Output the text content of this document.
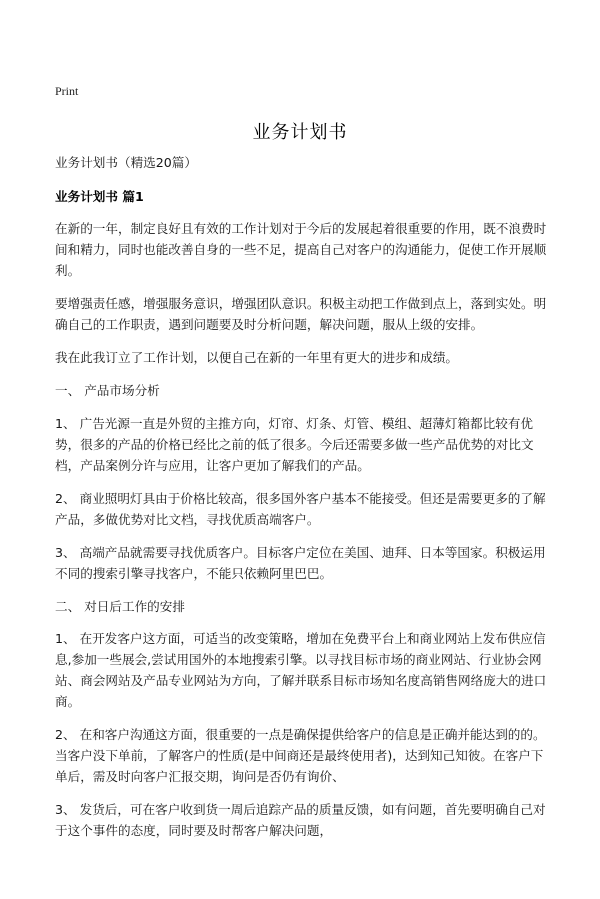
Print
业务计划书

业务计划书（精选20篇）

业务计划书 篇1

在新的一年，制定良好且有效的工作计划对于今后的发展起着很重要的作用，既不浪费时间和精力，同时也能改善自身的一些不足，提高自己对客户的沟通能力，促使工作开展顺利。

要增强责任感，增强服务意识，增强团队意识。积极主动把工作做到点上，落到实处。明确自己的工作职责，遇到问题要及时分析问题，解决问题，服从上级的安排。

我在此我订立了工作计划，以便自己在新的一年里有更大的进步和成绩。

一、 产品市场分析

1、 广告光源一直是外贸的主推方向，灯帘、灯条、灯管、模组、超薄灯箱都比较有优势，很多的产品的价格已经比之前的低了很多。今后还需要多做一些产品优势的对比文档，产品案例分许与应用，让客户更加了解我们的产品。

2、 商业照明灯具由于价格比较高，很多国外客户基本不能接受。但还是需要更多的了解产品，多做优势对比文档，寻找优质高端客户。

3、 高端产品就需要寻找优质客户。目标客户定位在美国、迪拜、日本等国家。积极运用不同的搜索引擎寻找客户，不能只依赖阿里巴巴。

二、 对日后工作的安排

1、 在开发客户这方面，可适当的改变策略，增加在免费平台上和商业网站上发布供应信息,参加一些展会,尝试用国外的本地搜索引擎。以寻找目标市场的商业网站、行业协会网站、商会网站及产品专业网站为方向，了解并联系目标市场知名度高销售网络庞大的进口商。

2、 在和客户沟通这方面，很重要的一点是确保提供给客户的信息是正确并能达到的的。当客户没下单前，了解客户的性质(是中间商还是最终使用者)，达到知己知彼。在客户下单后，需及时向客户汇报交期，询问是否仍有询价、

3、 发货后，可在客户收到货一周后追踪产品的质量反馈，如有问题，首先要明确自己对于这个事件的态度，同时要及时帮客户解决问题，
